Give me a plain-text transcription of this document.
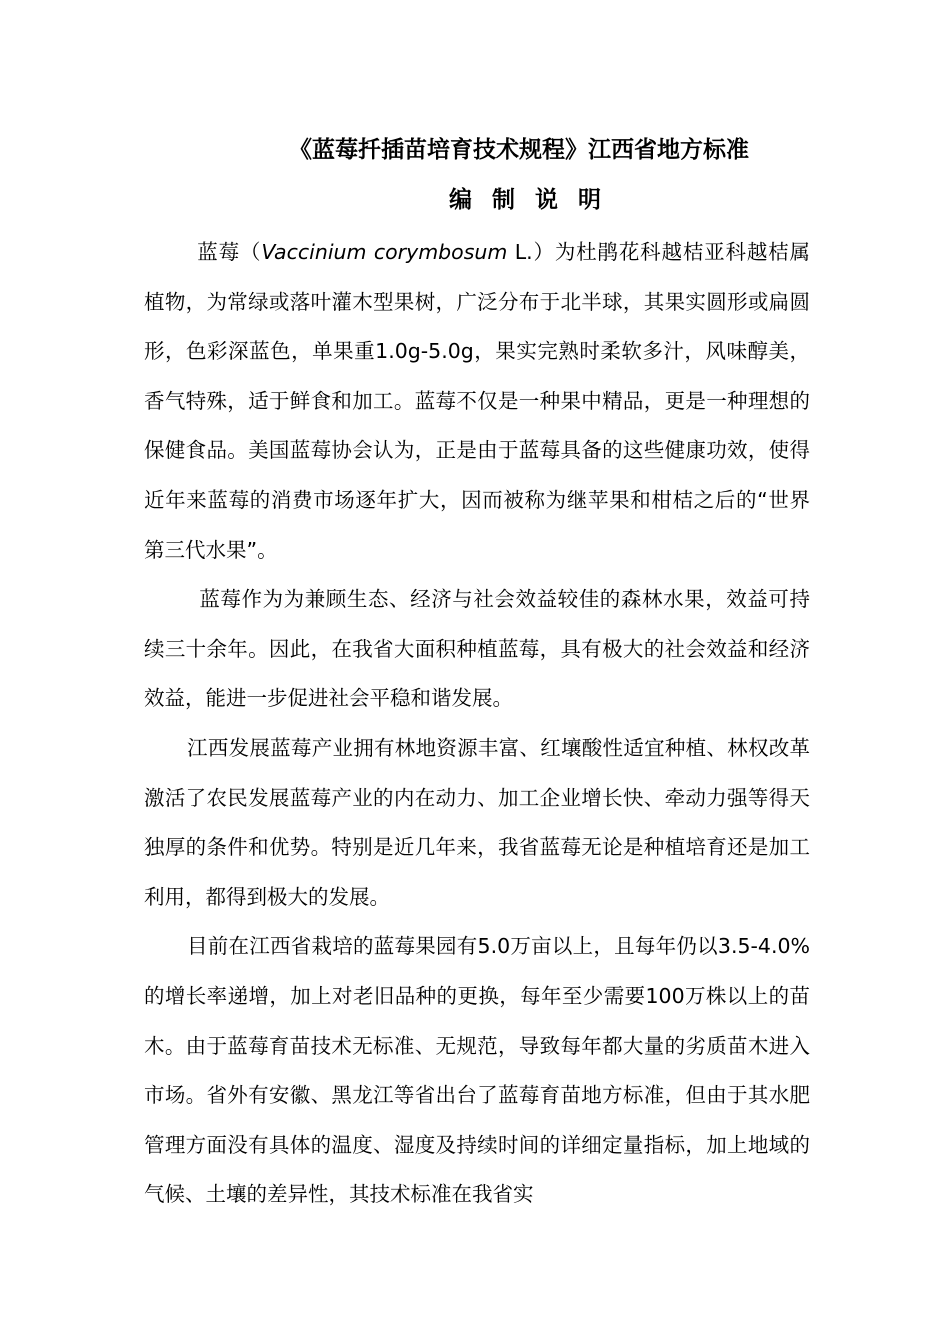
《蓝莓扦插苗培育技术规程》江西省地方标准
编 制 说 明

蓝莓（Vaccinium corymbosum L.）为杜鹃花科越桔亚科越桔属植物，为常绿或落叶灌木型果树，广泛分布于北半球，其果实圆形或扁圆形，色彩深蓝色，单果重1.0g-5.0g，果实完熟时柔软多汁，风味醇美，香气特殊，适于鲜食和加工。蓝莓不仅是一种果中精品，更是一种理想的保健食品。美国蓝莓协会认为，正是由于蓝莓具备的这些健康功效，使得近年来蓝莓的消费市场逐年扩大，因而被称为继苹果和柑桔之后的“世界第三代水果”。

蓝莓作为为兼顾生态、经济与社会效益较佳的森林水果，效益可持续三十余年。因此，在我省大面积种植蓝莓，具有极大的社会效益和经济效益，能进一步促进社会平稳和谐发展。

江西发展蓝莓产业拥有林地资源丰富、红壤酸性适宜种植、林权改革激活了农民发展蓝莓产业的内在动力、加工企业增长快、牵动力强等得天独厚的条件和优势。特别是近几年来，我省蓝莓无论是种植培育还是加工利用，都得到极大的发展。

目前在江西省栽培的蓝莓果园有5.0万亩以上，且每年仍以3.5-4.0%的增长率递增，加上对老旧品种的更换，每年至少需要100万株以上的苗木。由于蓝莓育苗技术无标准、无规范，导致每年都大量的劣质苗木进入市场。省外有安徽、黑龙江等省出台了蓝莓育苗地方标准，但由于其水肥管理方面没有具体的温度、湿度及持续时间的详细定量指标，加上地域的气候、土壤的差异性，其技术标准在我省实
